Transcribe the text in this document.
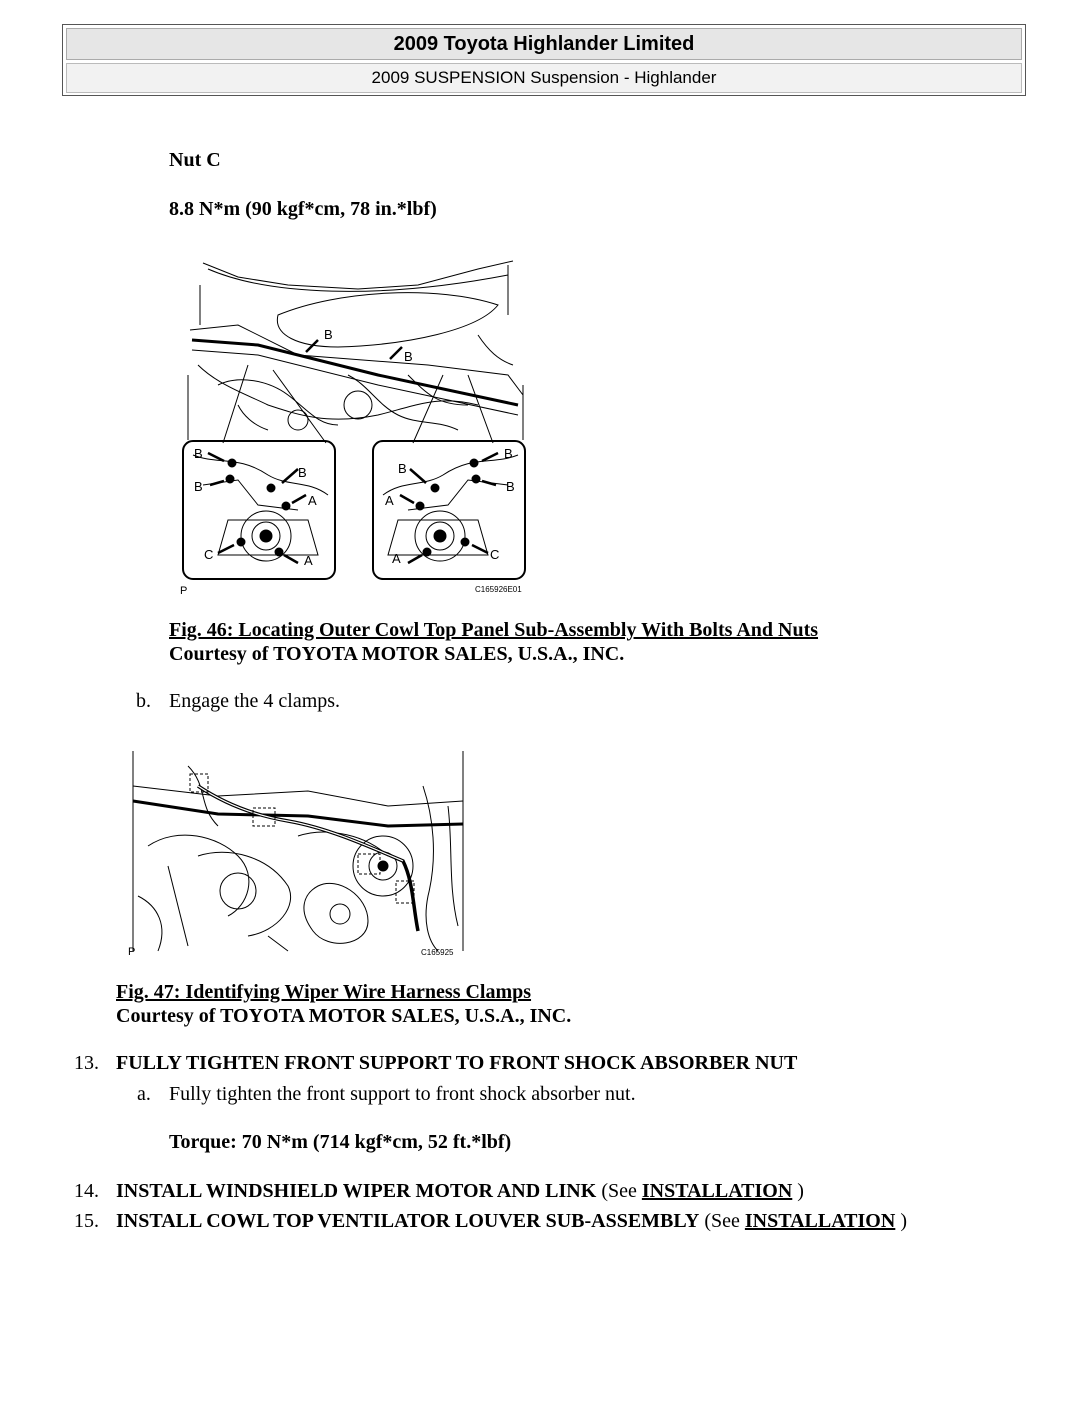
2009 Toyota Highlander Limited
2009 SUSPENSION Suspension - Highlander
Nut C
8.8 N*m (90 kgf*cm, 78 in.*lbf)
B
B
B
B
B
A
C	A
B
B
B
A
C
A
P	C165926E01
Fig. 46: Locating Outer Cowl Top Panel Sub-Assembly With Bolts And Nuts
Courtesy of TOYOTA MOTOR SALES, U.S.A., INC.
b. Engage the 4 clamps.
P	C165925
Fig. 47: Identifying Wiper Wire Harness Clamps
Courtesy of TOYOTA MOTOR SALES, U.S.A., INC.
13. FULLY TIGHTEN FRONT SUPPORT TO FRONT SHOCK ABSORBER NUT
a. Fully tighten the front support to front shock absorber nut.
Torque: 70 N*m (714 kgf*cm, 52 ft.*lbf)
14. INSTALL WINDSHIELD WIPER MOTOR AND LINK (See INSTALLATION )
15. INSTALL COWL TOP VENTILATOR LOUVER SUB-ASSEMBLY (See INSTALLATION )
